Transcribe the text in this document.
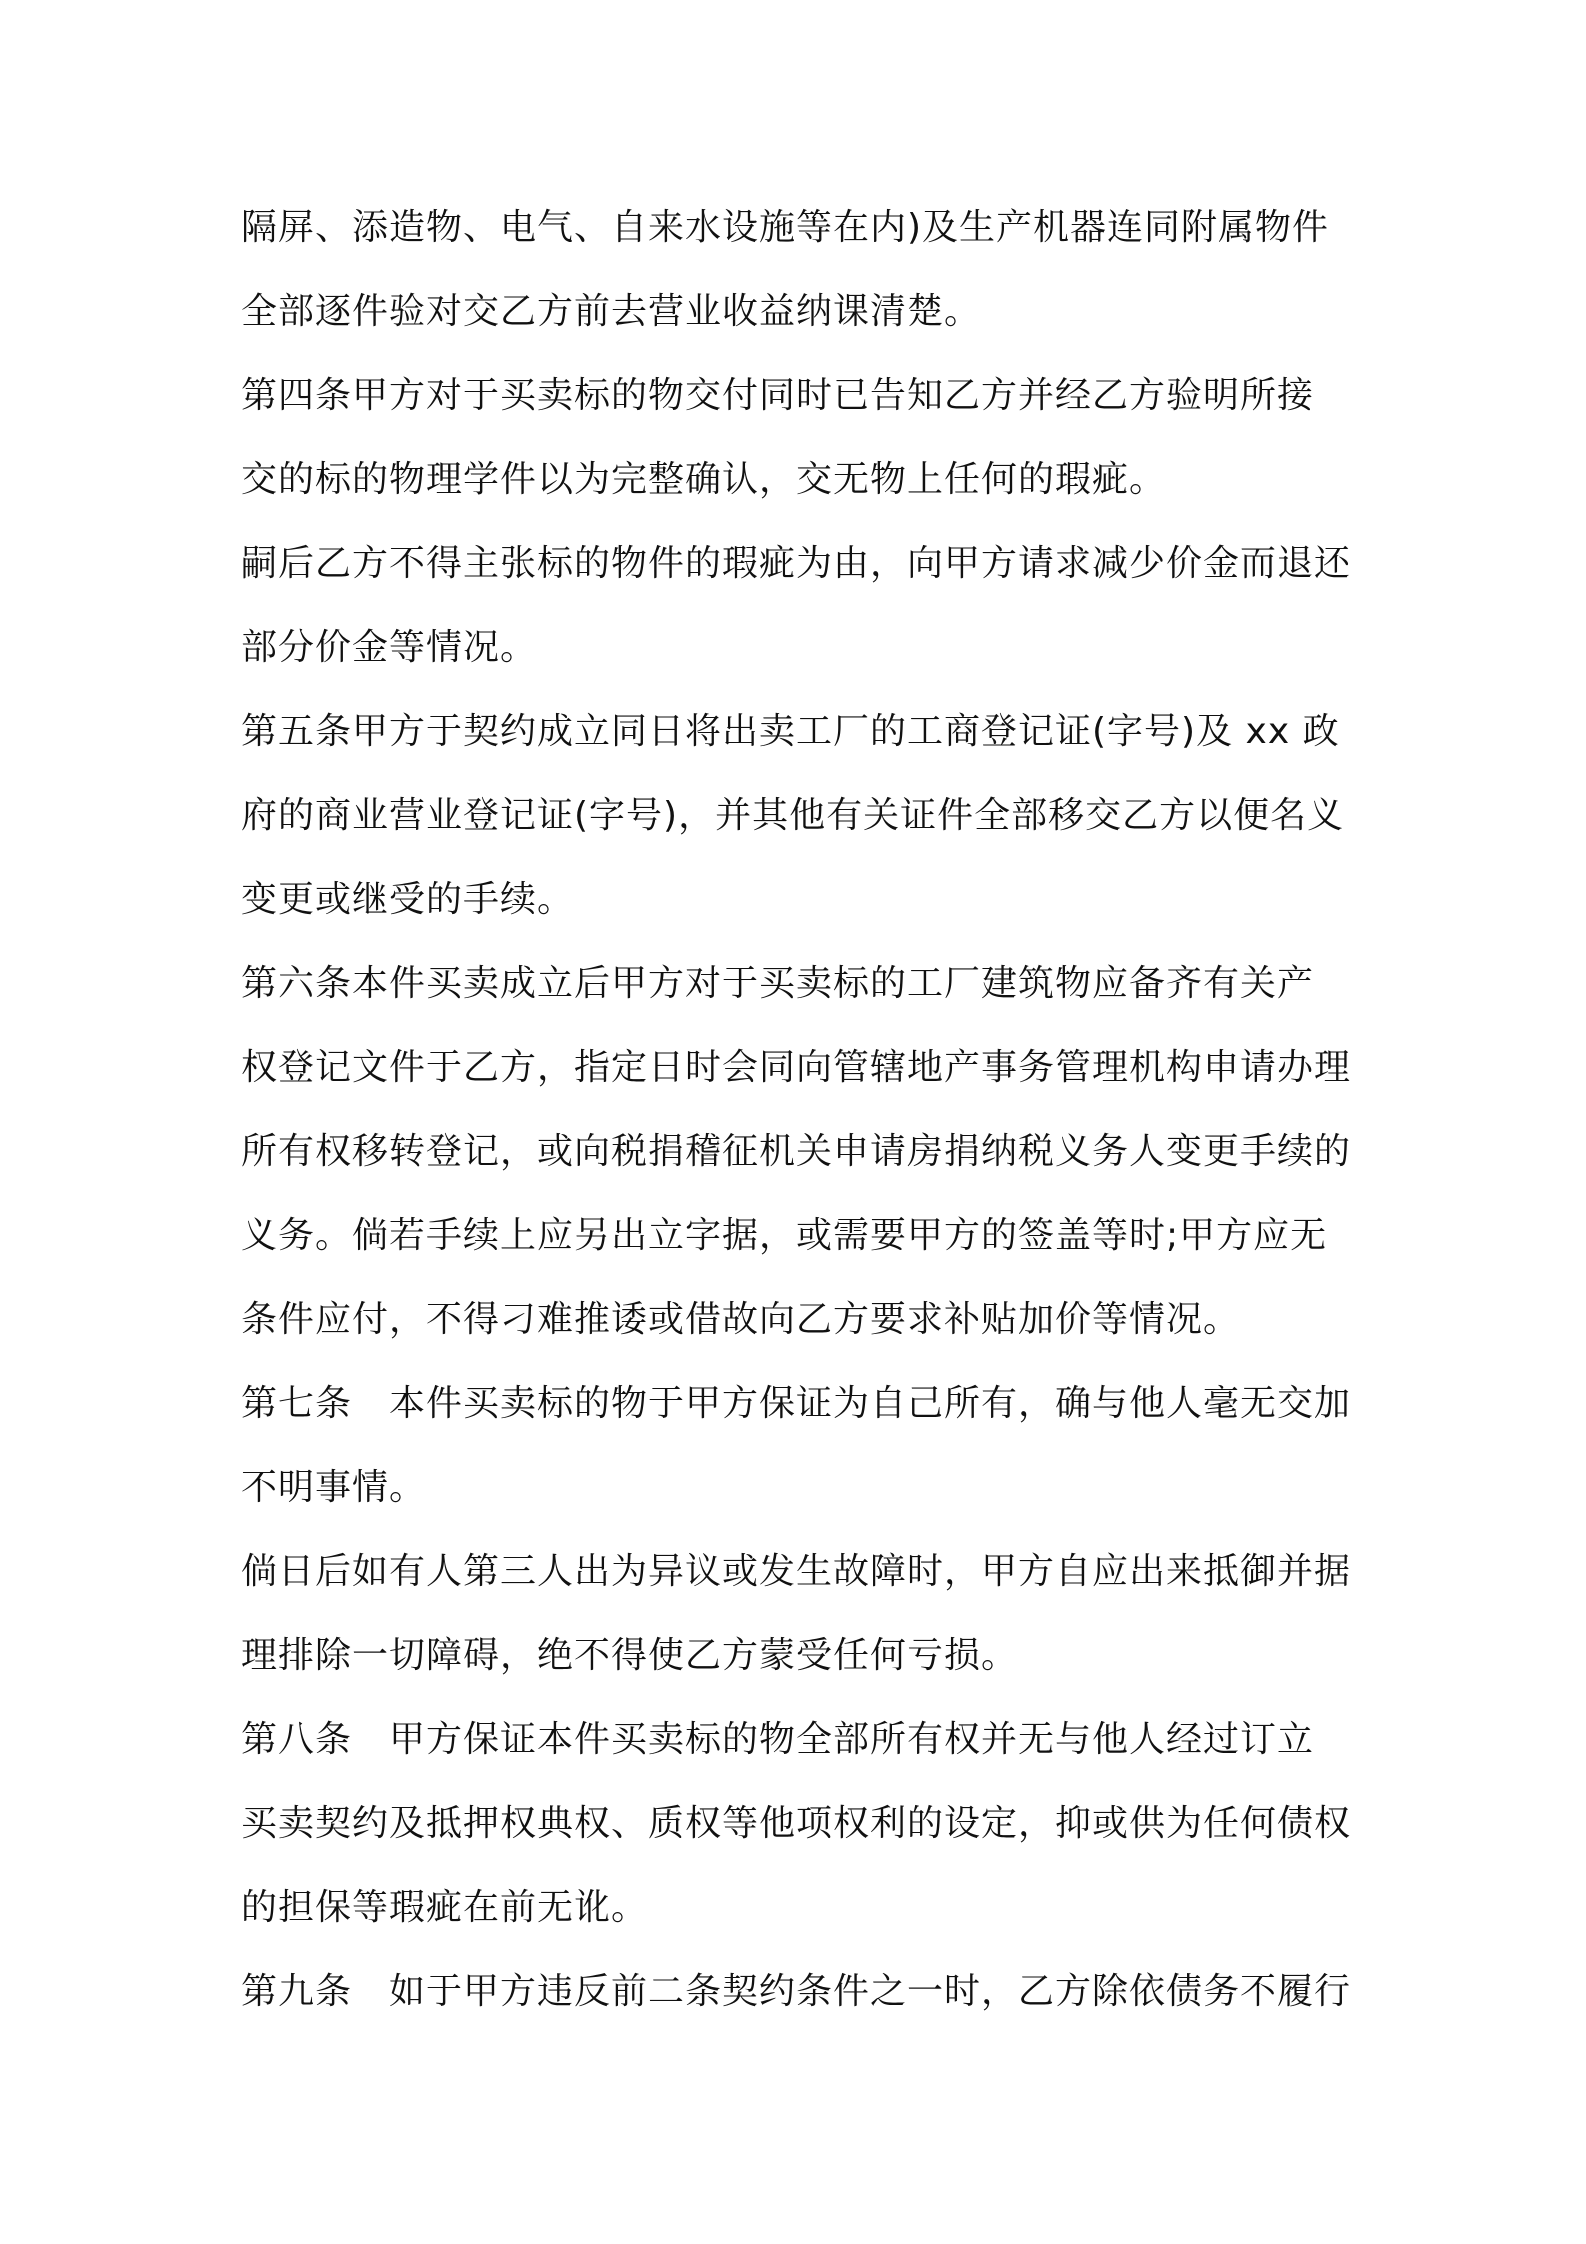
隔屏、添造物、电气、自来水设施等在内)及生产机器连同附属物件
全部逐件验对交乙方前去营业收益纳课清楚。
第四条甲方对于买卖标的物交付同时已告知乙方并经乙方验明所接
交的标的物理学件以为完整确认，交无物上任何的瑕疵。
嗣后乙方不得主张标的物件的瑕疵为由，向甲方请求减少价金而退还
部分价金等情况。
第五条甲方于契约成立同日将出卖工厂的工商登记证(字号)及 xx 政
府的商业营业登记证(字号)，并其他有关证件全部移交乙方以便名义
变更或继受的手续。
第六条本件买卖成立后甲方对于买卖标的工厂建筑物应备齐有关产
权登记文件于乙方，指定日时会同向管辖地产事务管理机构申请办理
所有权移转登记，或向税捐稽征机关申请房捐纳税义务人变更手续的
义务。倘若手续上应另出立字据，或需要甲方的签盖等时;甲方应无
条件应付，不得刁难推诿或借故向乙方要求补贴加价等情况。
第七条　本件买卖标的物于甲方保证为自己所有，确与他人毫无交加
不明事情。
倘日后如有人第三人出为异议或发生故障时，甲方自应出来抵御并据
理排除一切障碍，绝不得使乙方蒙受任何亏损。
第八条　甲方保证本件买卖标的物全部所有权并无与他人经过订立
买卖契约及抵押权典权、质权等他项权利的设定，抑或供为任何债权
的担保等瑕疵在前无讹。
第九条　如于甲方违反前二条契约条件之一时，乙方除依债务不履行
